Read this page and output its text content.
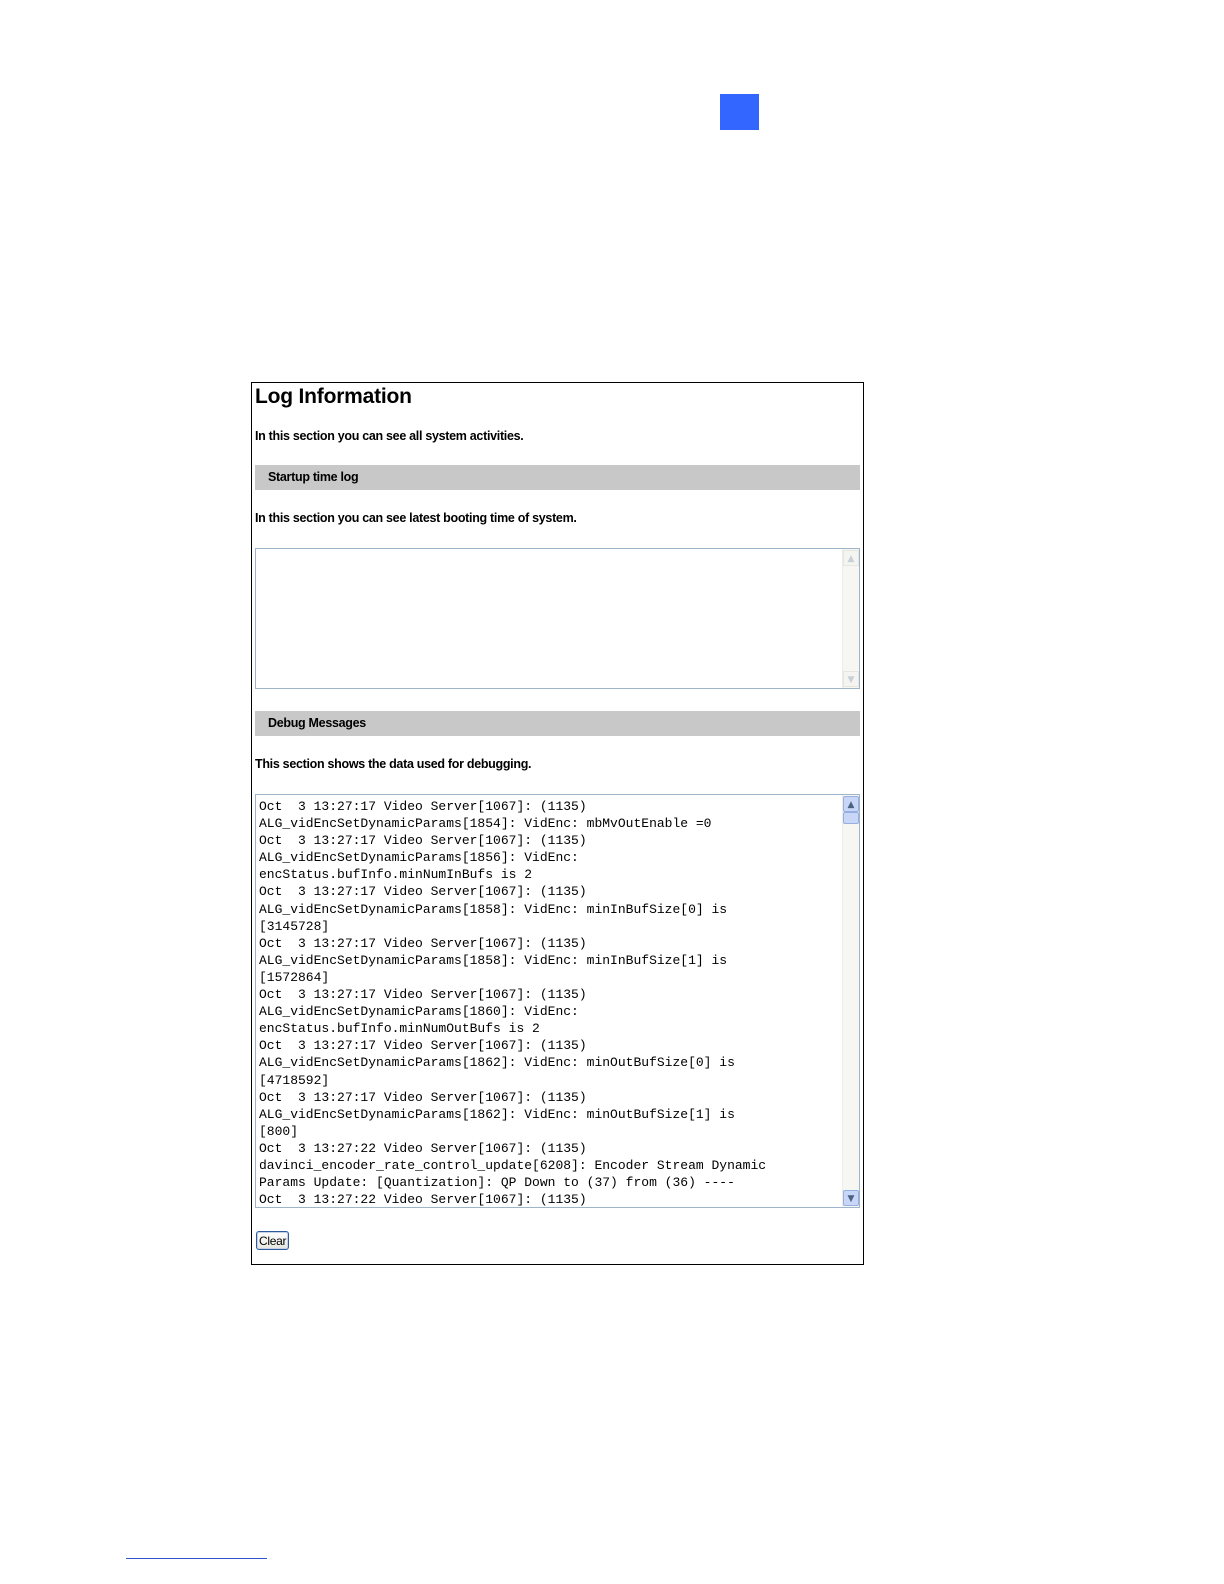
Log Information

In this section you can see all system activities.

Startup time log

In this section you can see latest booting time of system.

▲
▼
Debug Messages

This section shows the data used for debugging.

Oct  3 13:27:17 Video Server[1067]: (1135)
ALG_vidEncSetDynamicParams[1854]: VidEnc: mbMvOutEnable =0
Oct  3 13:27:17 Video Server[1067]: (1135)
ALG_vidEncSetDynamicParams[1856]: VidEnc:
encStatus.bufInfo.minNumInBufs is 2
Oct  3 13:27:17 Video Server[1067]: (1135)
ALG_vidEncSetDynamicParams[1858]: VidEnc: minInBufSize[0] is
[3145728]
Oct  3 13:27:17 Video Server[1067]: (1135)
ALG_vidEncSetDynamicParams[1858]: VidEnc: minInBufSize[1] is
[1572864]
Oct  3 13:27:17 Video Server[1067]: (1135)
ALG_vidEncSetDynamicParams[1860]: VidEnc:
encStatus.bufInfo.minNumOutBufs is 2
Oct  3 13:27:17 Video Server[1067]: (1135)
ALG_vidEncSetDynamicParams[1862]: VidEnc: minOutBufSize[0] is
[4718592]
Oct  3 13:27:17 Video Server[1067]: (1135)
ALG_vidEncSetDynamicParams[1862]: VidEnc: minOutBufSize[1] is
[800]
Oct  3 13:27:22 Video Server[1067]: (1135)
davinci_encoder_rate_control_update[6208]: Encoder Stream Dynamic
Params Update: [Quantization]: QP Down to (37) from (36) ----
Oct  3 13:27:22 Video Server[1067]: (1135)
▲
▼
Clear
